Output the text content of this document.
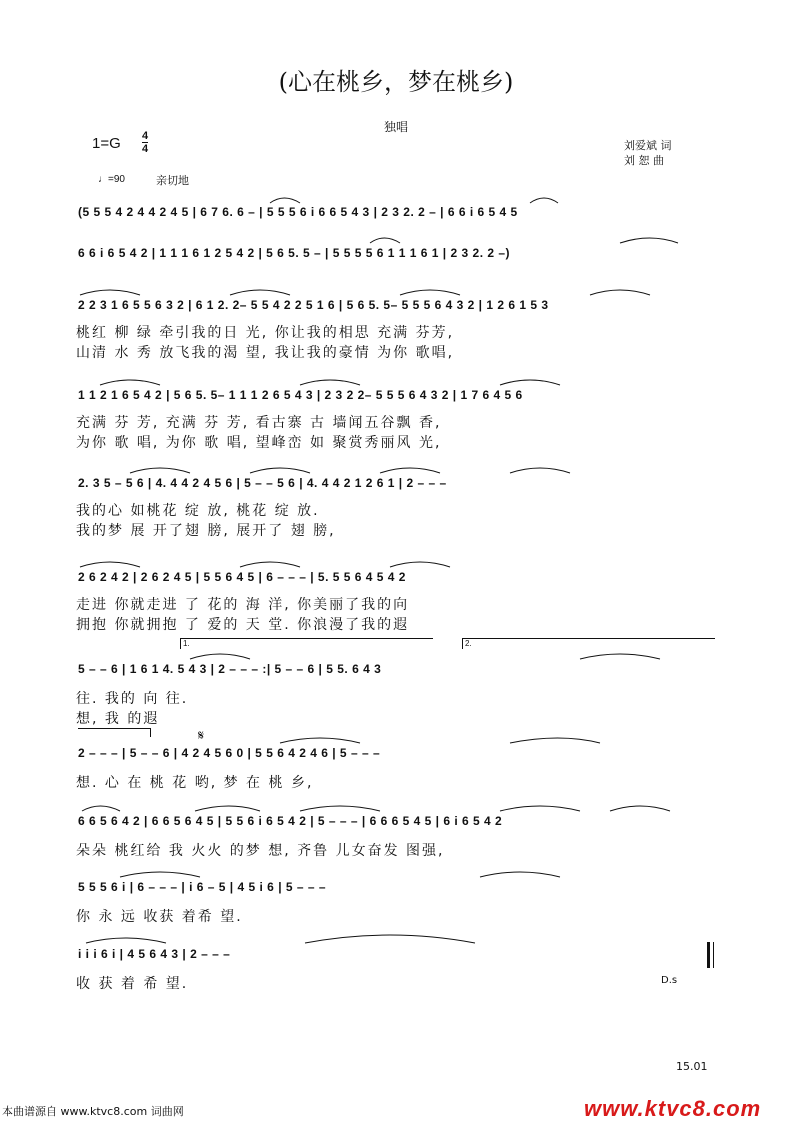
(心在桃乡，梦在桃乡)
独唱
1=G 4
4	刘爱斌 词
刘 恕 曲
♩=90	亲切地
(5 5 5 4 2 4 4 2 4 5 | 6 7 6. 6 – | 5 5 5 6 i 6 6 5 4 3 | 2 3 2. 2 – | 6 6 i 6 5 4 5
6 6 i 6 5 4 2 | 1 1 1 6 1 2 5 4 2 | 5 6 5. 5 – | 5 5 5 5 6 1 1 1 6 1 | 2 3 2. 2 –)
2 2 3 1 6 5 5 6 3 2 | 6 1 2. 2– 5 5 4 2 2 5 1 6 | 5 6 5. 5– 5 5 5 6 4 3 2 | 1 2 6 1 5 3
桃红 柳 绿 牵引我的日 光, 你让我的相思 充满 芬芳,
山清 水 秀 放飞我的渴 望, 我让我的豪情 为你 歌唱,
1 1 2 1 6 5 4 2 | 5 6 5. 5– 1 1 1 2 6 5 4 3 | 2 3 2 2– 5 5 5 6 4 3 2 | 1 7 6 4 5 6
充满 芬 芳, 充满 芬 芳, 看古寨 古 墙闻五谷飘 香,
为你 歌 唱, 为你 歌 唱, 望峰峦 如 聚赏秀丽风 光,
2. 3 5 – 5 6 | 4. 4 4 2 4 5 6 | 5 – – 5 6 | 4. 4 4 2 1 2 6 1 | 2 – – –
我的心 如桃花 绽 放, 桃花 绽 放.
我的梦 展 开了翅 膀, 展开了 翅 膀,
2 6 2 4 2 | 2 6 2 4 5 | 5 5 6 4 5 | 6 – – – | 5. 5 5 6 4 5 4 2
走进 你就走进 了 花的 海 洋, 你美丽了我的向
拥抱 你就拥抱 了 爱的 天 堂. 你浪漫了我的遐
5 – – 6 | 1 6 1 4. 5 4 3 | 2 – – – :| 5 – – 6 | 5 5. 6 4 3
往. 我的 向 往.
想, 我 的遐
2 – – – | 5 – – 6 | 4 2 4 5 6 0 | 5 5 6 4 2 4 6 | 5 – – –
想. 心 在 桃 花 哟, 梦 在 桃 乡,
6 6 5 6 4 2 | 6 6 5 6 4 5 | 5 5 6 i 6 5 4 2 | 5 – – – | 6 6 6 5 4 5 | 6 i 6 5 4 2
朵朵 桃红给 我 火火 的梦 想, 齐鲁 儿女奋发 图强,
5 5 5 6 i | 6 – – – | i 6 – 5 | 4 5 i 6 | 5 – – –
你 永 远 收获 着希 望.
i i i 6 i | 4 5 6 4 3 | 2 – – –
收 获 着 希 望.
1.	2.
𝄋
D.s
15.01
本曲谱源自 www.ktvc8.com 词曲网	www.ktvc8.com
